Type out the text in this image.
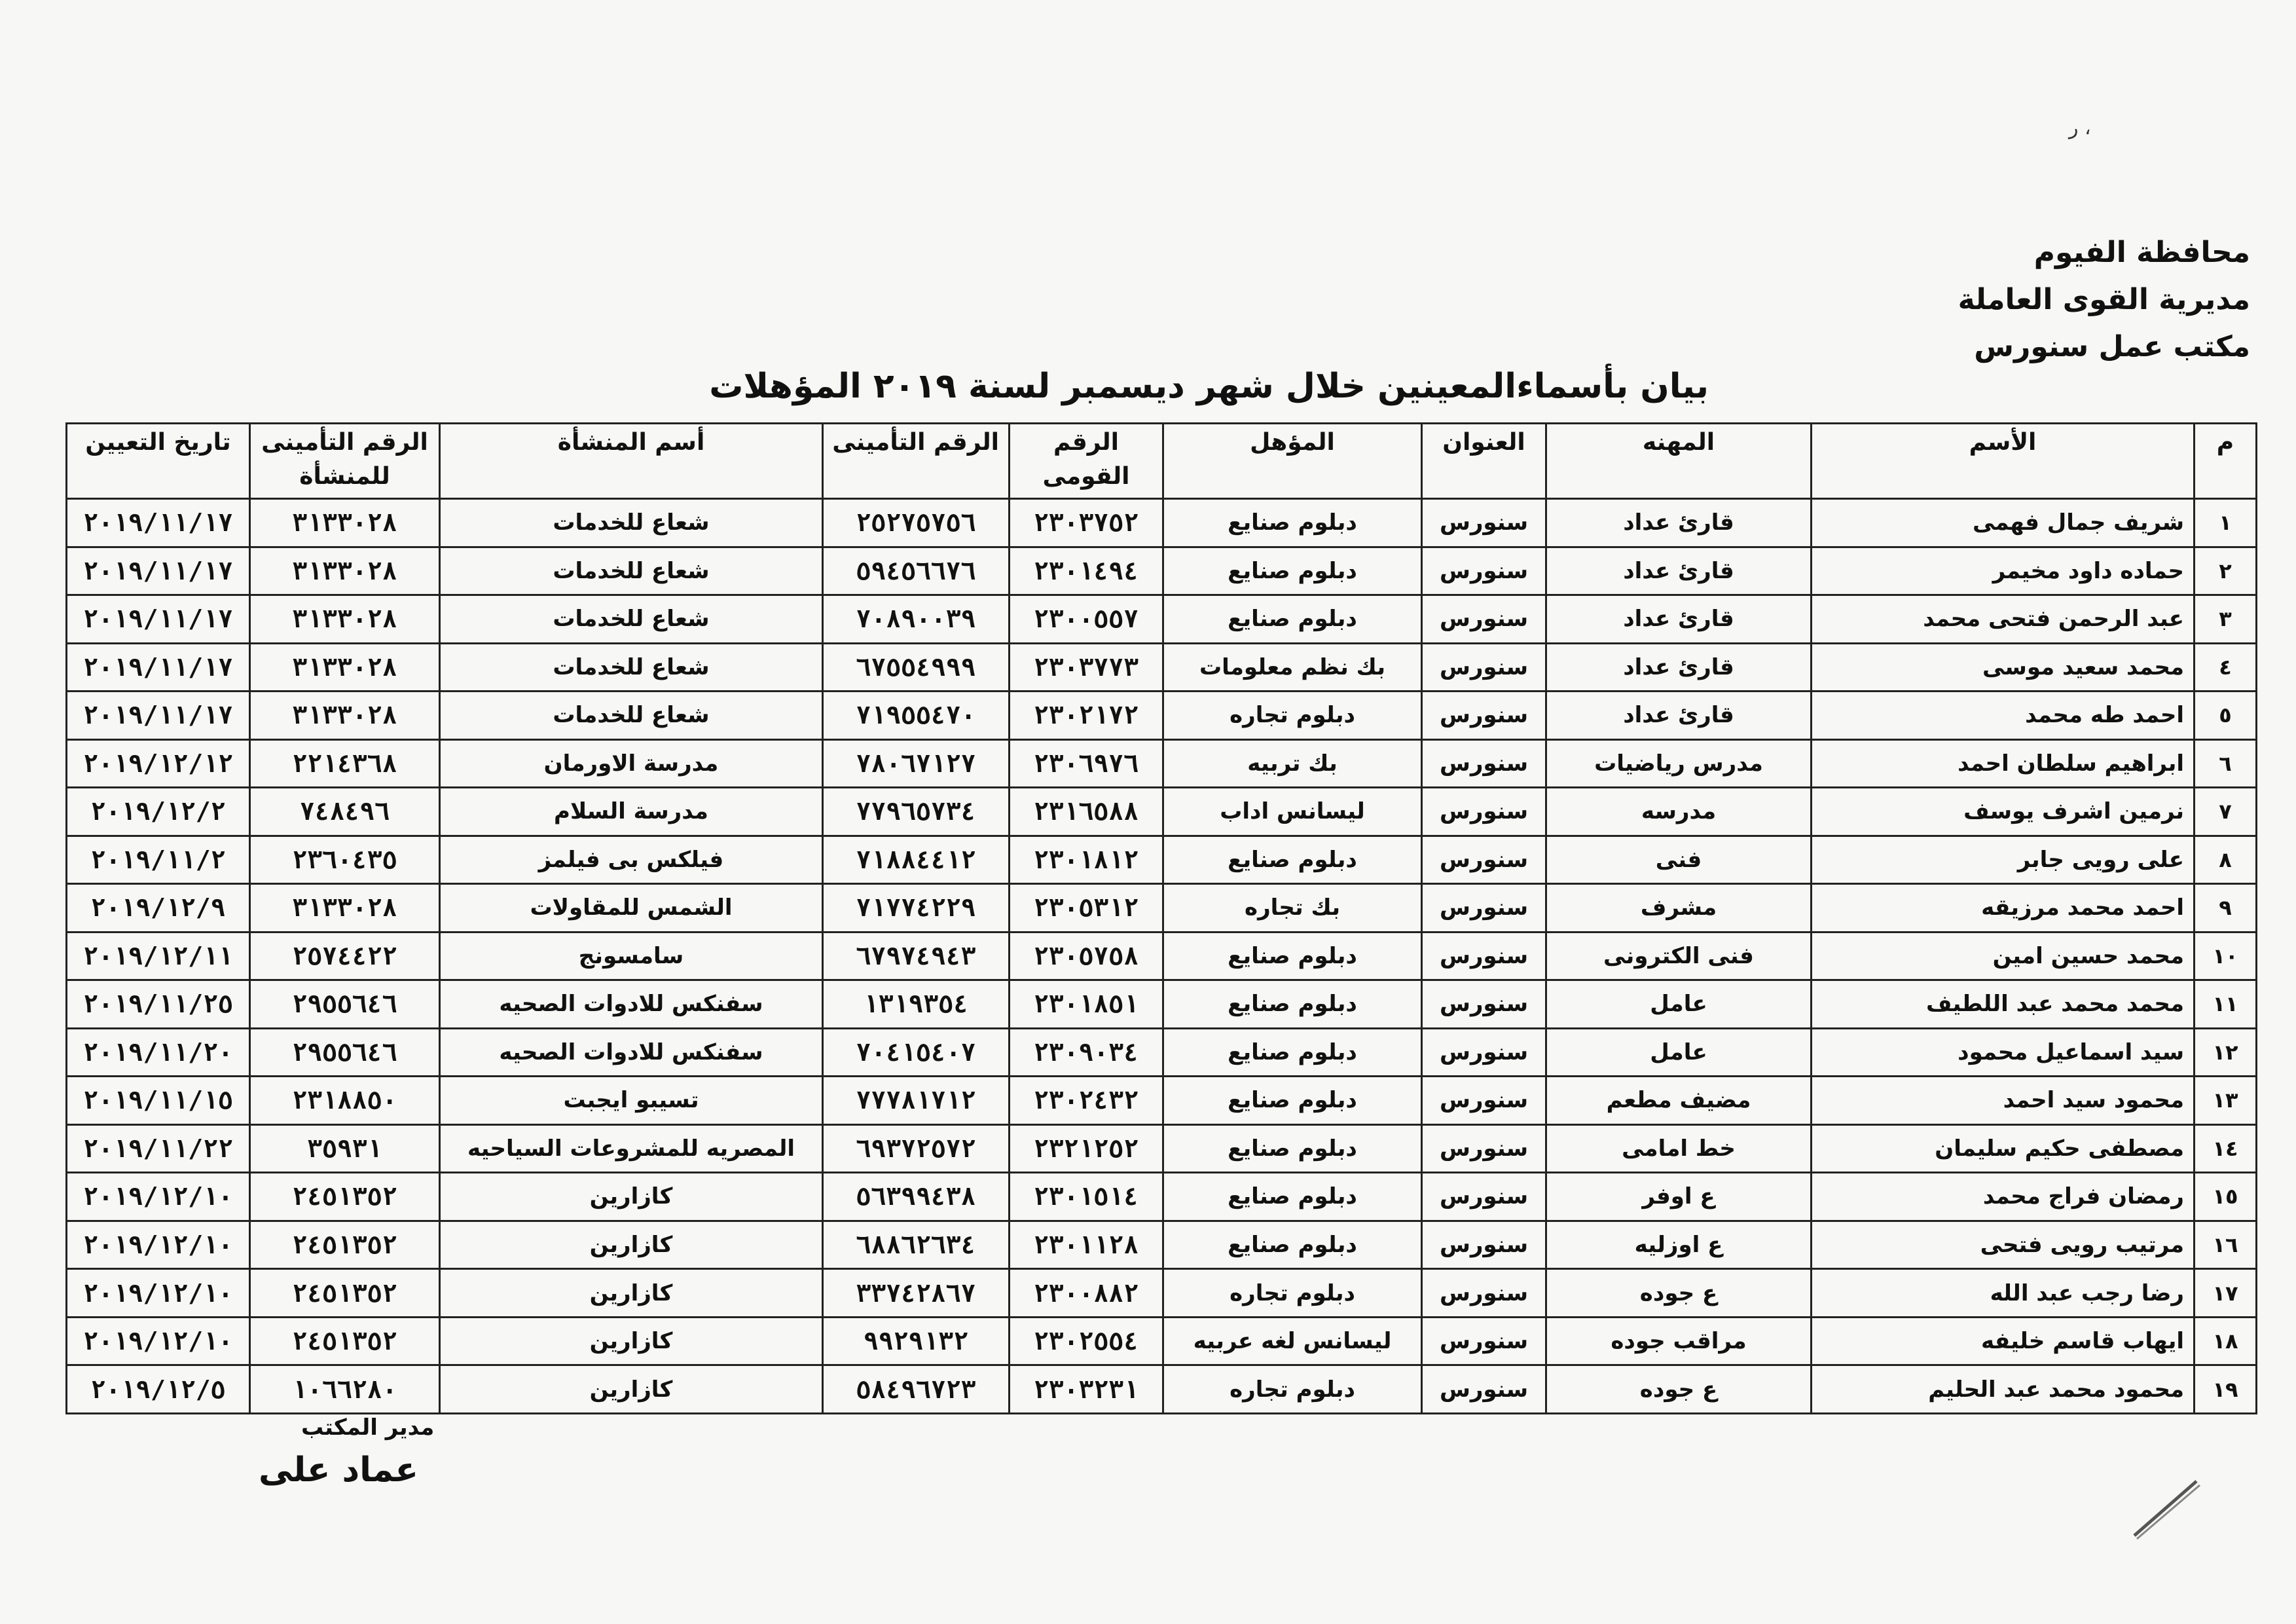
ر ،
محافظة الفيوم
مديرية القوى العاملة
مكتب عمل سنورس
بيان بأسماءالمعينين خلال شهر ديسمبر لسنة ٢٠١٩ المؤهلات
م	الأسم	المهنه	العنوان	المؤهل	الرقم القومى	الرقم التأمينى	أسم المنشأة	الرقم التأمينى للمنشأة	تاريخ التعيين
١	شريف جمال فهمى	قارئ عداد	سنورس	دبلوم صنايع	٢٣٠٣٧٥٢	٢٥٢٧٥٧٥٦	شعاع للخدمات	٣١٣٣٠٢٨	٢٠١٩/١١/١٧
٢	حماده داود مخيمر	قارئ عداد	سنورس	دبلوم صنايع	٢٣٠١٤٩٤	٥٩٤٥٦٦٧٦	شعاع للخدمات	٣١٣٣٠٢٨	٢٠١٩/١١/١٧
٣	عبد الرحمن فتحى محمد	قارئ عداد	سنورس	دبلوم صنايع	٢٣٠٠٥٥٧	٧٠٨٩٠٠٣٩	شعاع للخدمات	٣١٣٣٠٢٨	٢٠١٩/١١/١٧
٤	محمد سعيد موسى	قارئ عداد	سنورس	بك نظم معلومات	٢٣٠٣٧٧٣	٦٧٥٥٤٩٩٩	شعاع للخدمات	٣١٣٣٠٢٨	٢٠١٩/١١/١٧
٥	احمد طه محمد	قارئ عداد	سنورس	دبلوم تجاره	٢٣٠٢١٧٢	٧١٩٥٥٤٧٠	شعاع للخدمات	٣١٣٣٠٢٨	٢٠١٩/١١/١٧
٦	ابراهيم سلطان احمد	مدرس رياضيات	سنورس	بك تربيه	٢٣٠٦٩٧٦	٧٨٠٦٧١٢٧	مدرسة الاورمان	٢٢١٤٣٦٨	٢٠١٩/١٢/١٢
٧	نرمين اشرف يوسف	مدرسه	سنورس	ليسانس اداب	٢٣١٦٥٨٨	٧٧٩٦٥٧٣٤	مدرسة السلام	٧٤٨٤٩٦	٢٠١٩/١٢/٢
٨	على رويى جابر	فنى	سنورس	دبلوم صنايع	٢٣٠١٨١٢	٧١٨٨٤٤١٢	فيلكس بى فيلمز	٢٣٦٠٤٣٥	٢٠١٩/١١/٢
٩	احمد محمد مرزيقه	مشرف	سنورس	بك تجاره	٢٣٠٥٣١٢	٧١٧٧٤٢٢٩	الشمس للمقاولات	٣١٣٣٠٢٨	٢٠١٩/١٢/٩
١٠	محمد حسين امين	فنى الكترونى	سنورس	دبلوم صنايع	٢٣٠٥٧٥٨	٦٧٩٧٤٩٤٣	سامسونج	٢٥٧٤٤٢٢	٢٠١٩/١٢/١١
١١	محمد محمد عبد اللطيف	عامل	سنورس	دبلوم صنايع	٢٣٠١٨٥١	١٣١٩٣٥٤	سفنكس للادوات الصحيه	٢٩٥٥٦٤٦	٢٠١٩/١١/٢٥
١٢	سيد اسماعيل محمود	عامل	سنورس	دبلوم صنايع	٢٣٠٩٠٣٤	٧٠٤١٥٤٠٧	سفنكس للادوات الصحيه	٢٩٥٥٦٤٦	٢٠١٩/١١/٢٠
١٣	محمود سيد احمد	مضيف مطعم	سنورس	دبلوم صنايع	٢٣٠٢٤٣٢	٧٧٧٨١٧١٢	تسيبو ايجبت	٢٣١٨٨٥٠	٢٠١٩/١١/١٥
١٤	مصطفى حكيم سليمان	خط امامى	سنورس	دبلوم صنايع	٢٣٢١٢٥٢	٦٩٣٧٢٥٧٢	المصريه للمشروعات السياحيه	٣٥٩٣١	٢٠١٩/١١/٢٢
١٥	رمضان فراج محمد	ع اوفر	سنورس	دبلوم صنايع	٢٣٠١٥١٤	٥٦٣٩٩٤٣٨	كازارين	٢٤٥١٣٥٢	٢٠١٩/١٢/١٠
١٦	مرتيب رويى فتحى	ع اوزليه	سنورس	دبلوم صنايع	٢٣٠١١٢٨	٦٨٨٦٢٦٣٤	كازارين	٢٤٥١٣٥٢	٢٠١٩/١٢/١٠
١٧	رضا رجب عبد الله	ع جوده	سنورس	دبلوم تجاره	٢٣٠٠٨٨٢	٣٣٧٤٢٨٦٧	كازارين	٢٤٥١٣٥٢	٢٠١٩/١٢/١٠
١٨	ايهاب قاسم خليفه	مراقب جوده	سنورس	ليسانس لغه عربيه	٢٣٠٢٥٥٤	٩٩٢٩١٣٢	كازارين	٢٤٥١٣٥٢	٢٠١٩/١٢/١٠
١٩	محمود محمد عبد الحليم	ع جوده	سنورس	دبلوم تجاره	٢٣٠٣٢٣١	٥٨٤٩٦٧٢٣	كازارين	١٠٦٦٢٨٠	٢٠١٩/١٢/٥
مدير المكتب
عماد على
